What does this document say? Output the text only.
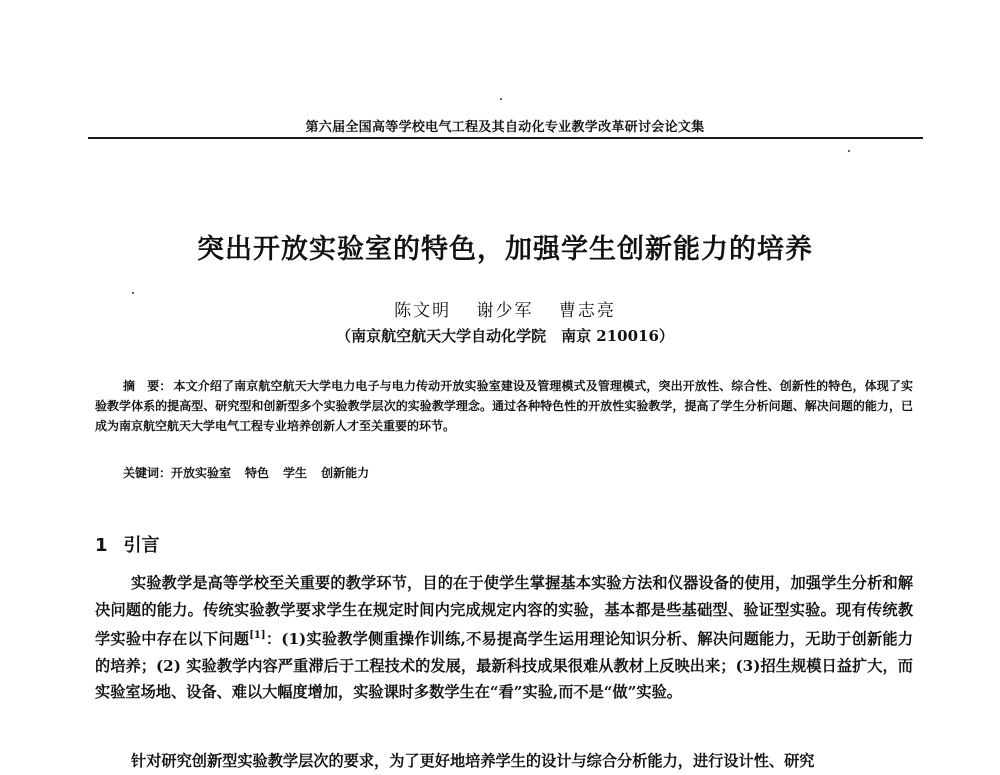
第六届全国高等学校电气工程及其自动化专业教学改革研讨会论文集
突出开放实验室的特色，加强学生创新能力的培养
陈文明 谢少军 曹志亮
（南京航空航天大学自动化学院　南京 210016）

摘　要： 本文介绍了南京航空航天大学电力电子与电力传动开放实验室建设及管理模式及管理模式，突出开放性、综合性、创新性的特色，体现了实验教学体系的提高型、研究型和创新型多个实验教学层次的实验教学理念。通过各种特色性的开放性实验教学，提高了学生分析问题、解决问题的能力，已成为南京航空航天大学电气工程专业培养创新人才至关重要的环节。

关键词：开放实验室 特色 学生 创新能力
1 引言

实验教学是高等学校至关重要的教学环节，目的在于使学生掌握基本实验方法和仪器设备的使用，加强学生分析和解决问题的能力。传统实验教学要求学生在规定时间内完成规定内容的实验，基本都是些基础型、验证型实验。现有传统教学实验中存在以下问题[1]：(1)实验教学侧重操作训练,不易提高学生运用理论知识分析、解决问题能力，无助于创新能力的培养；(2) 实验教学内容严重滞后于工程技术的发展，最新科技成果很难从教材上反映出来；(3)招生规模日益扩大，而实验室场地、设备、难以大幅度增加，实验课时多数学生在“看”实验,而不是“做”实验。

针对研究创新型实验教学层次的要求，为了更好地培养学生的设计与综合分析能力，进行设计性、研究
